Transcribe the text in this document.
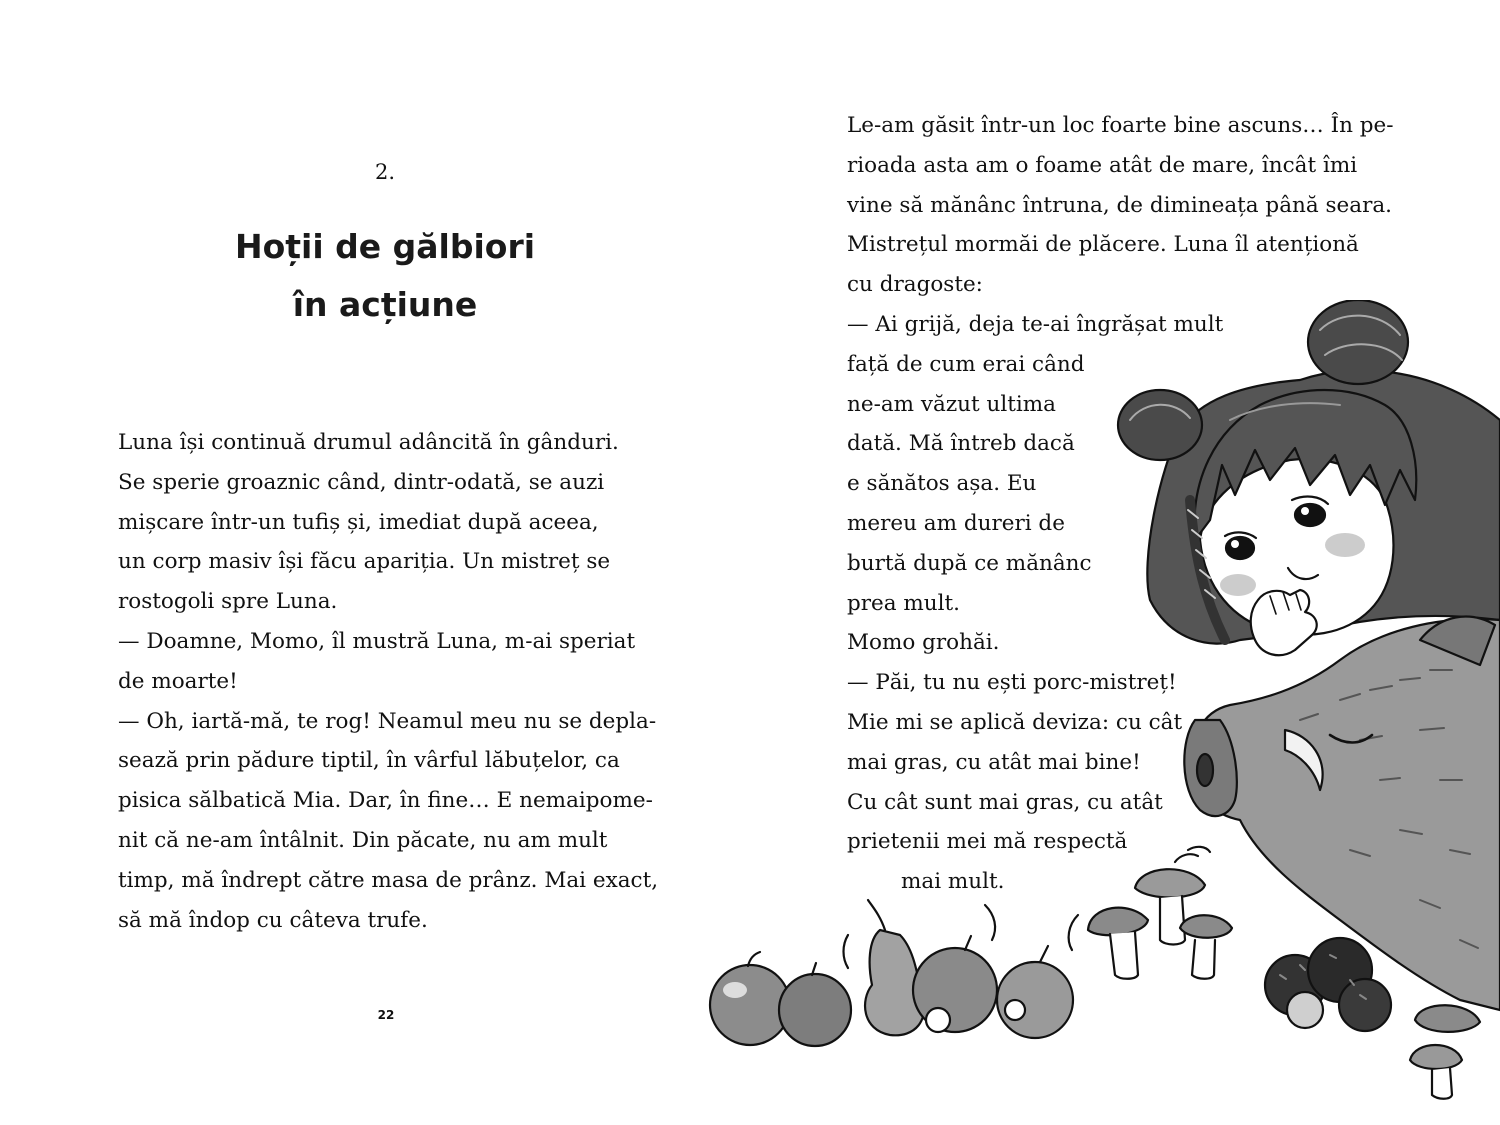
2.
Hoții de gălbiori
în acțiune
Luna își continuă drumul adâncită în gânduri.
Se sperie groaznic când, dintr-odată, se auzi
mișcare într-un tufiș și, imediat după aceea,
un corp masiv își făcu apariția. Un mistreț se
rostogoli spre Luna.
— Doamne, Momo, îl mustră Luna, m-ai speriat
de moarte!
— Oh, iartă-mă, te rog! Neamul meu nu se depla-
sează prin pădure tiptil, în vârful lăbuțelor, ca
pisica sălbatică Mia. Dar, în fine… E nemaipome-
nit că ne-am întâlnit. Din păcate, nu am mult
timp, mă îndrept către masa de prânz. Mai exact,
să mă îndop cu câteva trufe.
22
Le-am găsit într-un loc foarte bine ascuns… În pe-
rioada asta am o foame atât de mare, încât îmi
vine să mănânc întruna, de dimineața până seara.
Mistrețul mormăi de plăcere. Luna îl atenționă
cu dragoste:
— Ai grijă, deja te-ai îngrășat mult
față de cum erai când
ne-am văzut ultima
dată. Mă întreb dacă
e sănătos așa. Eu
mereu am dureri de
burtă după ce mănânc
prea mult.
Momo grohăi.
— Păi, tu nu ești porc-mistreț!
Mie mi se aplică deviza: cu cât
mai gras, cu atât mai bine!
Cu cât sunt mai gras, cu atât
prietenii mei mă respectă
mai mult.
